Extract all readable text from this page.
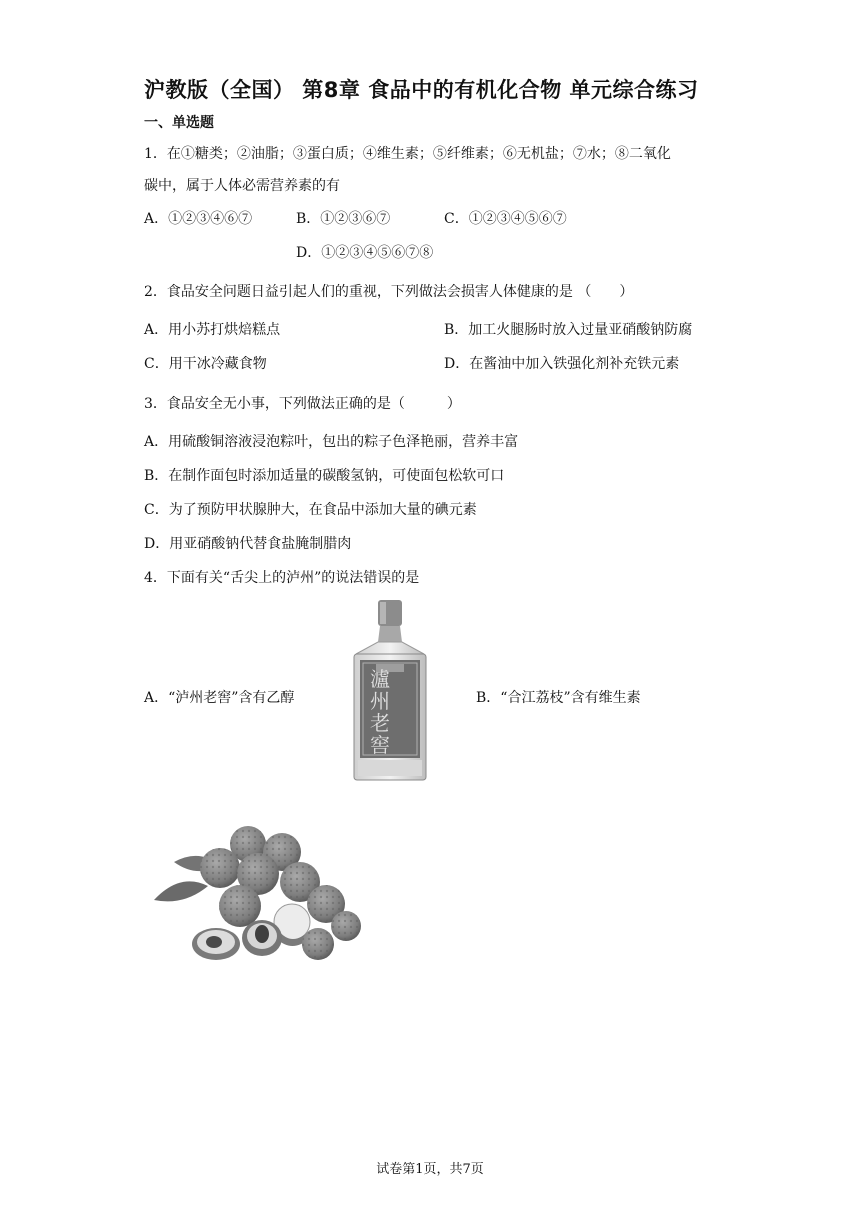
沪教版（全国） 第8章 食品中的有机化合物 单元综合练习
一、单选题
1．在①糖类；②油脂；③蛋白质；④维生素；⑤纤维素；⑥无机盐；⑦水；⑧二氧化
碳中，属于人体必需营养素的有
A．①②③④⑥⑦	B．①②③⑥⑦	C．①②③④⑤⑥⑦
D．①②③④⑤⑥⑦⑧
2．食品安全问题日益引起人们的重视，下列做法会损害人体健康的是 （　　）
A．用小苏打烘焙糕点	B．加工火腿肠时放入过量亚硝酸钠防腐
C．用干冰冷藏食物	D．在酱油中加入铁强化剂补充铁元素
3．食品安全无小事，下列做法正确的是（　　　）
A．用硫酸铜溶液浸泡粽叶，包出的粽子色泽艳丽，营养丰富
B．在制作面包时添加适量的碳酸氢钠，可使面包松软可口
C．为了预防甲状腺肿大，在食品中添加大量的碘元素
D．用亚硝酸钠代替食盐腌制腊肉
4．下面有关“舌尖上的泸州”的说法错误的是
A．“泸州老窖”含有乙醇	B．“合江荔枝”含有维生素
瀘州老窖
试卷第1页，共7页
